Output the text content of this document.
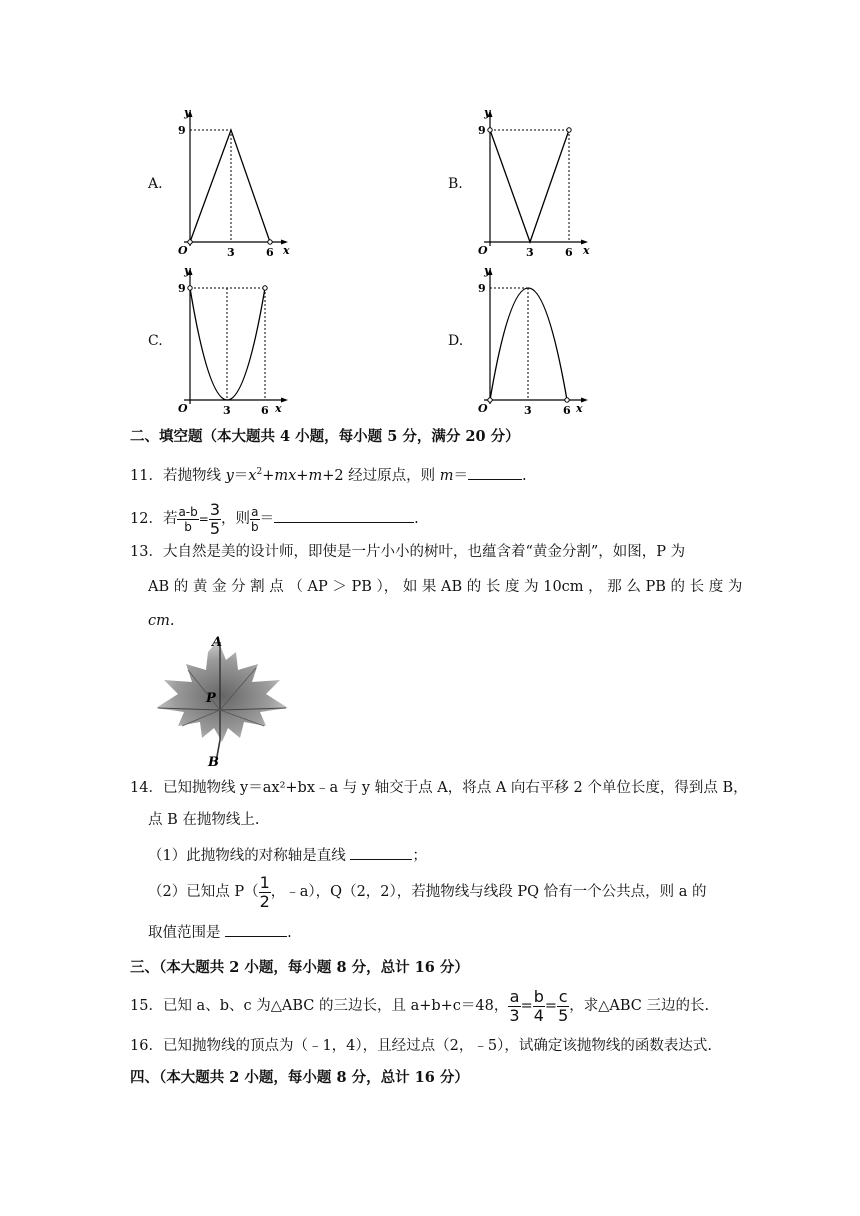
A.	B.
C.	D.
y
9
O	3	6 x
y
9
O	3	6 x
y
9
O	3	6 x
y
9
O	3	6 x
二、填空题（本大题共 4 小题，每小题 5 分，满分 20 分）
11．若抛物线 $y=x^2+mx+m+2$ 经过原点，则 m＝	.
12．若 $\frac{a-b}{b} = \frac{3}{5}$ ，则 $\frac{a}{b}$ ＝	.
13．大自然是美的设计师，即使是一片小小的树叶，也蕴含着“黄金分割”，如图，P 为
AB 的 黄 金 分 割 点 （ AP ＞ PB ）， 如 果 AB 的 长 度 为 10cm ， 那 么 PB 的 长 度 为
cm.
A
P
B
14．已知抛物线 y＝ax²+bx﹣a 与 y 轴交于点 A，将点 A 向右平移 2 个单位长度，得到点 B，
点 B 在抛物线上.
（1）此抛物线的对称轴是直线	；
（2）已知点 $P( \frac{1}{2}$ ，﹣a），Q（2，2），若抛物线与线段 PQ 恰有一个公共点，则 a 的
取值范围是	.
三、（本大题共 2 小题，每小题 8 分，总计 16 分）
15．已知 a、b、c 为△ABC 的三边长，且 a+b+c＝48， $\frac{a}{3} = \frac{b}{4} = \frac{c}{5}$ ，求△ABC 三边的长.
16．已知抛物线的顶点为（﹣1，4），且经过点（2，﹣5），试确定该抛物线的函数表达式.
四、（本大题共 2 小题，每小题 8 分，总计 16 分）
